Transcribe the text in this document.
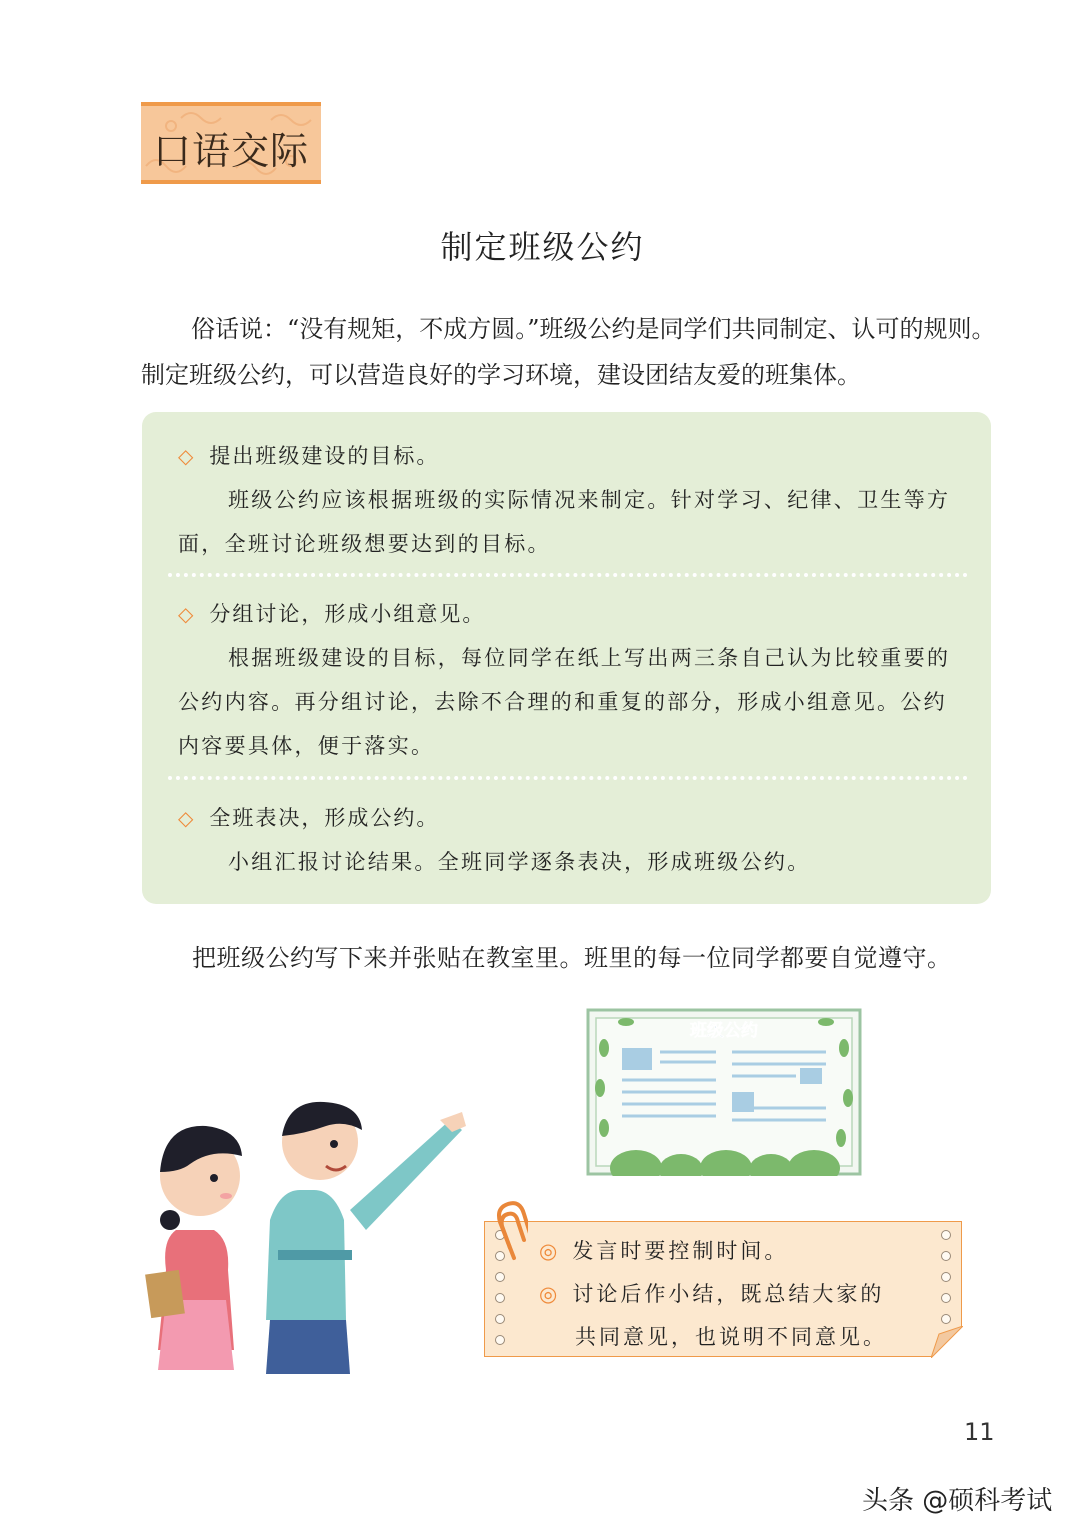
口语交际
制定班级公约

俗话说：“没有规矩，不成方圆。”班级公约是同学们共同制定、认可的规则。制定班级公约，可以营造良好的学习环境，建设团结友爱的班集体。

◇ 提出班级建设的目标。

班级公约应该根据班级的实际情况来制定。针对学习、纪律、卫生等方面，全班讨论班级想要达到的目标。

◇ 分组讨论，形成小组意见。

根据班级建设的目标，每位同学在纸上写出两三条自己认为比较重要的公约内容。再分组讨论，去除不合理的和重复的部分，形成小组意见。公约内容要具体，便于落实。

◇ 全班表决，形成公约。

小组汇报讨论结果。全班同学逐条表决，形成班级公约。

把班级公约写下来并张贴在教室里。班里的每一位同学都要自觉遵守。
班级公约
◎ 发言时要控制时间。
◎ 讨论后作小结，既总结大家的
共同意见，也说明不同意见。
11
头条 @硕科考试
